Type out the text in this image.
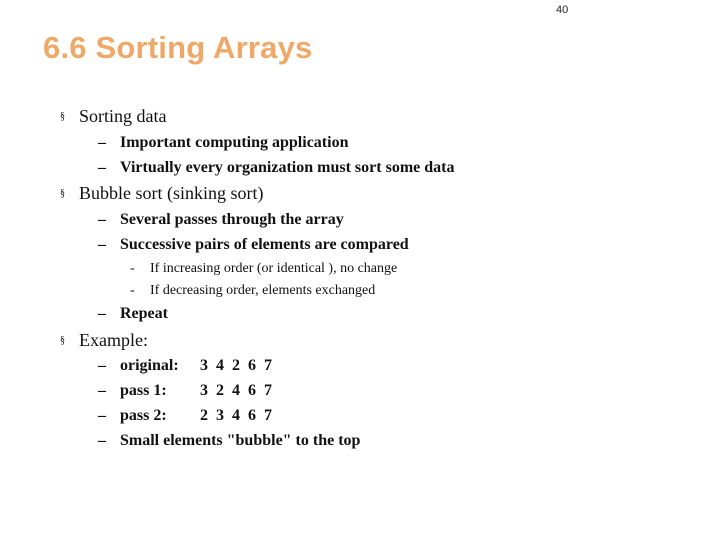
40
6.6 Sorting Arrays
§ Sorting data
– Important computing application
– Virtually every organization must sort some data
§ Bubble sort (sinking sort)
– Several passes through the array
– Successive pairs of elements are compared
- If increasing order (or identical ), no change
- If decreasing order, elements exchanged
– Repeat
§ Example:
– original: 3  4  2  6  7
– pass 1: 3  2  4  6  7
– pass 2: 2  3  4  6  7
– Small elements "bubble" to the top
